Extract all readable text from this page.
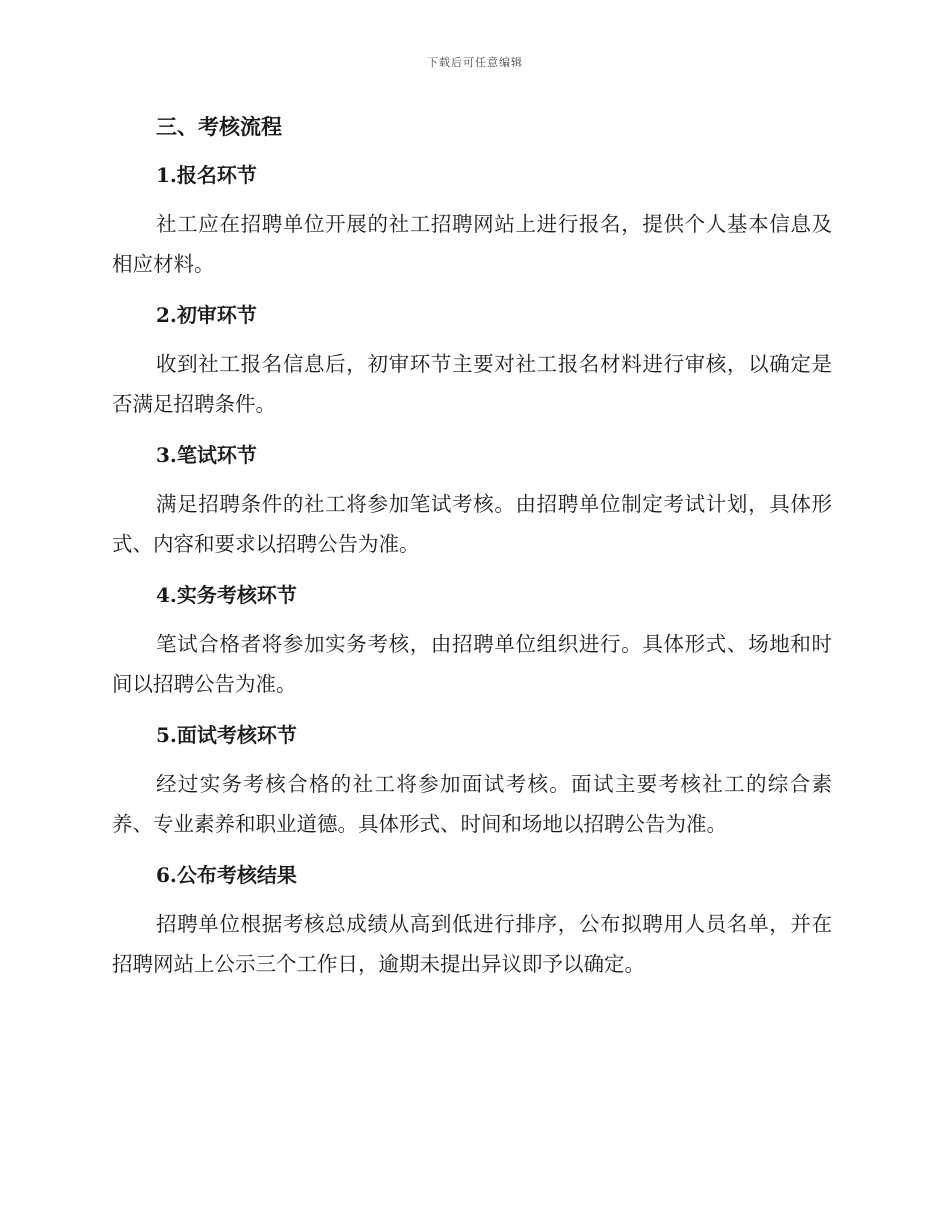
下载后可任意编辑
三、考核流程
1.报名环节

社工应在招聘单位开展的社工招聘网站上进行报名，提供个人基本信息及相应材料。

2.初审环节

收到社工报名信息后，初审环节主要对社工报名材料进行审核，以确定是否满足招聘条件。

3.笔试环节

满足招聘条件的社工将参加笔试考核。由招聘单位制定考试计划，具体形式、内容和要求以招聘公告为准。

4.实务考核环节

笔试合格者将参加实务考核，由招聘单位组织进行。具体形式、场地和时间以招聘公告为准。

5.面试考核环节

经过实务考核合格的社工将参加面试考核。面试主要考核社工的综合素养、专业素养和职业道德。具体形式、时间和场地以招聘公告为准。

6.公布考核结果

招聘单位根据考核总成绩从高到低进行排序，公布拟聘用人员名单，并在招聘网站上公示三个工作日，逾期未提出异议即予以确定。
